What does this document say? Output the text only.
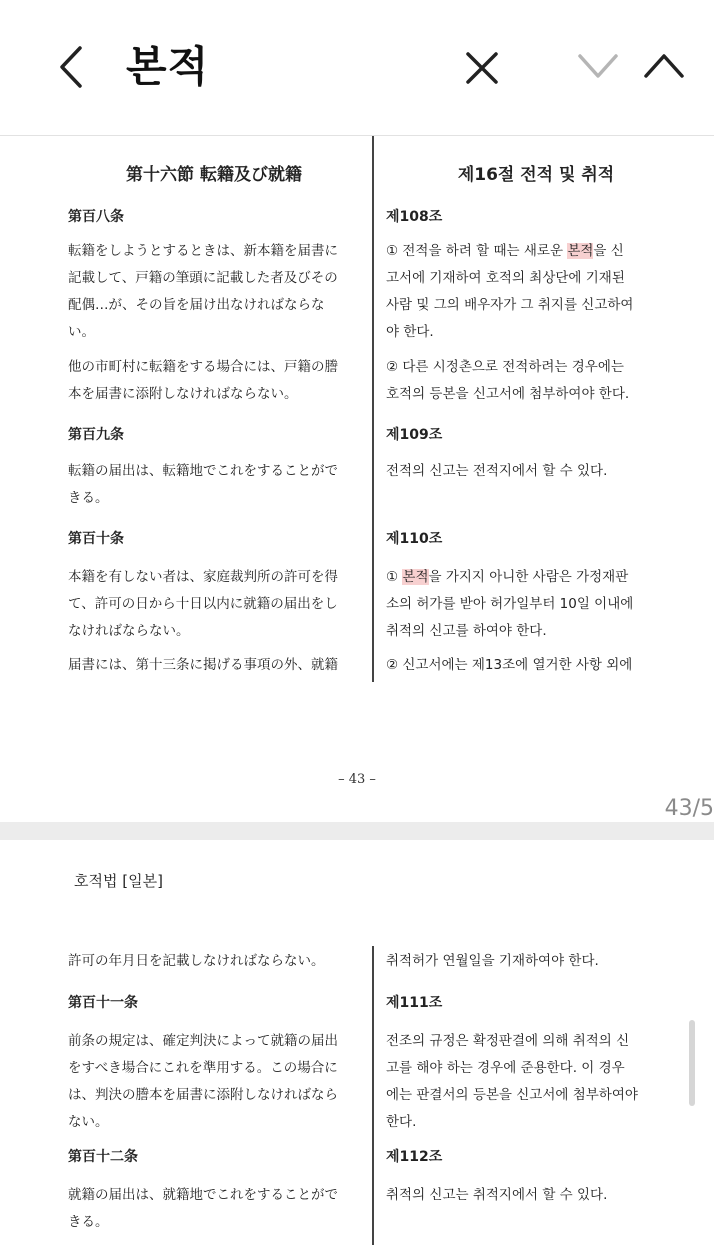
본적
第十六節 転籍及び就籍
第百八条
転籍をしようとするときは、新本籍を届書に
記載して、戸籍の筆頭に記載した者及びその
配偶…が、その旨を届け出なければならな
い。
他の市町村に転籍をする場合には、戸籍の謄
本を届書に添附しなければならない。
第百九条
転籍の届出は、転籍地でこれをすることがで
きる。
第百十条
本籍を有しない者は、家庭裁判所の許可を得
て、許可の日から十日以内に就籍の届出をし
なければならない。
届書には、第十三条に掲げる事項の外、就籍
제16절 전적 및 취적
제108조
① 전적을 하려 할 때는 새로운 본적을 신
고서에 기재하여 호적의 최상단에 기재된
사람 및 그의 배우자가 그 취지를 신고하여
야 한다.
② 다른 시정촌으로 전적하려는 경우에는
호적의 등본을 신고서에 첨부하여야 한다.
제109조
전적의 신고는 전적지에서 할 수 있다.
제110조
① 본적을 가지지 아니한 사람은 가정재판
소의 허가를 받아 허가일부터 10일 이내에
취적의 신고를 하여야 한다.
② 신고서에는 제13조에 열거한 사항 외에
– 43 –
43/5
호적법 [일본]
許可の年月日を記載しなければならない。
第百十一条
前条の規定は、確定判決によって就籍の届出
をすべき場合にこれを準用する。この場合に
は、判決の謄本を届書に添附しなければなら
ない。
第百十二条
就籍の届出は、就籍地でこれをすることがで
きる。
취적허가 연월일을 기재하여야 한다.
제111조
전조의 규정은 확정판결에 의해 취적의 신
고를 해야 하는 경우에 준용한다. 이 경우
에는 판결서의 등본을 신고서에 첨부하여야
한다.
제112조
취적의 신고는 취적지에서 할 수 있다.
